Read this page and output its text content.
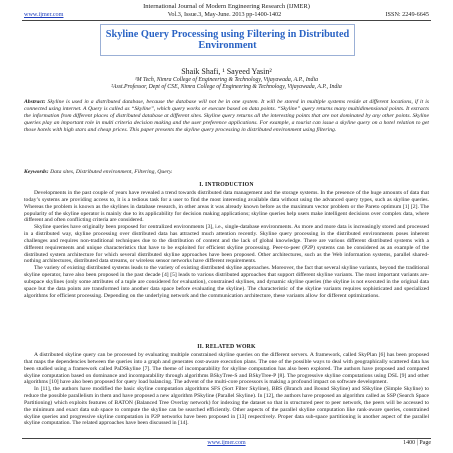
International Journal of Modern Engineering Research (IJMER)
www.ijmer.com	Vol.3, Issue.3, May-June. 2013 pp-1400-1402	ISSN: 2249-6645
Skyline Query Processing using Filtering in Distributed Environment
Shaik Shafi, ¹ Sayeed Yasin²
¹M Tech, Nimra College of Engineering & Technology, Vijayawada, A.P., India
²Asst.Professor, Dept of CSE, Nimra College of Engineering & Technology, Vijayawada, A.P., India
Abstract: Skyline is used in a distributed database, because the database will not be in one system. It will be stored in multiple systems reside at different locations, if it is connected using internet. A Query is called as “Skyline”, which query works or execute based on data points. “Skyline” query returns many multidimensional points. It extracts the information from different places of distributed database at different sites. Skyline query returns all the interesting points that are not dominated by any other points. Skyline queries play an important role in multi criteria decision making and the user preference applications. For example, a tourist can issue a skyline query on a hotel relation to get those hotels with high stars and cheap prices. This paper presents the skyline query processing in distributed environment using filtering.
Keywords: Data sites, Distributed environment, Filtering, Query.
I. INTRODUCTION

Developments in the past couple of years have revealed a trend towards distributed data management and the storage systems. In the presence of the huge amounts of data that today’s systems are providing access to, it is a tedious task for a user to find the most interesting available data without using the advanced query types, such as skyline queries. Whereas the problem is known as the skylines in database research, in other areas it was already known before as the maximum vector problem or the Pareto optimum [1] [2]. The popularity of the skyline operator is mainly due to its applicability for decision making applications; skyline queries help users make intelligent decisions over complex data, where different and often conflicting criteria are considered.

Skyline queries have originally been proposed for centralized environments [3], i.e., single-database environments. As more and more data is increasingly stored and processed in a distributed way, skyline processing over distributed data has attracted much attention recently. Skyline query processing in the distributed environments poses inherent challenges and requires non-traditional techniques due to the distribution of content and the lack of global knowledge. There are various different distributed systems with a different requirements and unique characteristics that have to be exploited for efficient skyline processing. Peer-to-peer (P2P) systems can be considered as an example of the distributed system architecture for which several distributed skyline approaches have been proposed. Other architectures, such as the Web information systems, parallel shared-nothing architectures, distributed data streams, or wireless sensor networks have different requirements.

The variety of existing distributed systems leads to the variety of existing distributed skyline approaches. Moreover, the fact that several skyline variants, beyond the traditional skyline operator, have also been proposed in the past decade [4] [5] leads to various distributed approaches that support different skyline variants. The most important variants are- subspace skylines (only some attributes of a tuple are considered for evaluation), constrained skylines, and dynamic skyline queries (the skyline is not executed in the original data space but the data points are transformed into another data space before evaluating the skyline). The characteristic of the skyline variants requires sophisticated and specialized algorithms for efficient processing. Depending on the underlying network and the communication architecture, these variants allow for different optimizations.

II. RELATED WORK

A distributed skyline query can be processed by evaluating multiple constrained skyline queries on the different servers. A framework, called SkyPlan [6] has been proposed that maps the dependencies between the queries into a graph and generates cost-aware execution plans. The one of the possible ways to deal with geographically scattered data has been studied using a framework called PaDSkyline [7]. The theme of incomparability for skyline computation has also been explored. The authors have proposed and compared skyline computation based on dominance and incomparability through algorithms BSkyTree-S and BSkyTree-P [8]. The progressive skyline computations using DSL [9] and other algorithms [10] have also been proposed for query load balancing. The advent of the multi-core processors is making a profound impact on software development.

In [11], the authors have modified the basic skyline computation algorithms SFS (Sort Filter Skyline), BBS (Branch and Bound Skyline) and SSkyline (Simple Skyline) to reduce the possible parallelism in them and have proposed a new algorithm PSkyline (Parallel Skyline). In [12], the authors have proposed an algorithm called as SSP (Search Space Partitioning) which exploits features of BATON (Balanced Tree Overlay network) for indexing the dataset so that in structured peer to peer network, the peers will be accessed to the minimum and exact data sub space to compute the skyline can be searched efficiently. Other aspects of the parallel skyline computation like rank-aware queries, constrained skyline queries and progressive skyline computation in P2P networks have been proposed in [13] respectively. Proper data sub-space partitioning is another aspect of the parallel skyline computation. The related approaches have been discussed in [14].

www.ijmer.com	1400 | Page
